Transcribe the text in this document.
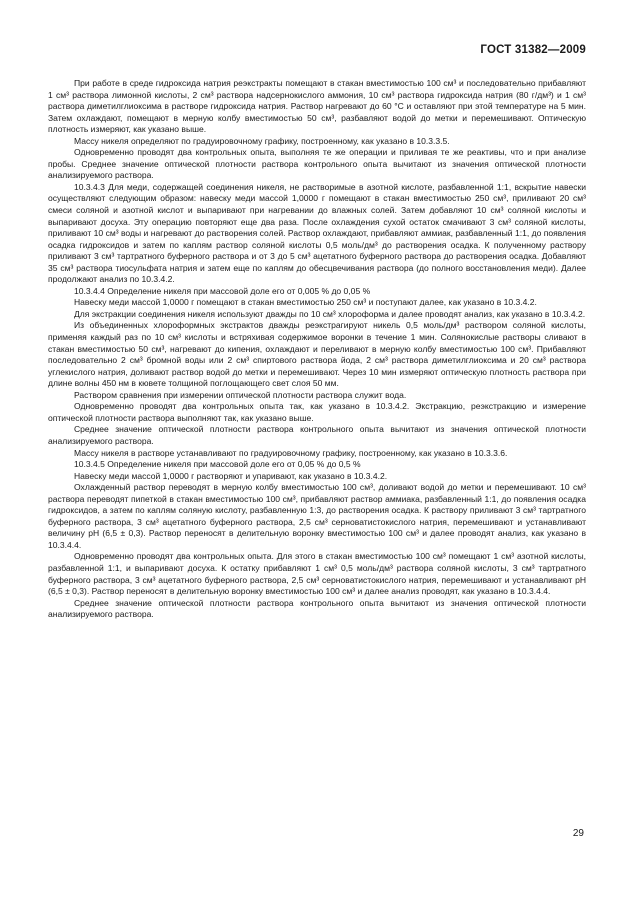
ГОСТ 31382—2009

При работе в среде гидроксида натрия реэкстракты помещают в стакан вместимостью 100 см³ и последовательно прибавляют 1 см³ раствора лимонной кислоты, 2 см³ раствора надсернокислого аммония, 10 см³ раствора гидроксида натрия (80 г/дм³) и 1 см³ раствора диметилглиоксима в растворе гидроксида натрия. Раствор нагревают до 60 °С и оставляют при этой температуре на 5 мин. Затем охлаждают, помещают в мерную колбу вместимостью 50 см³, разбавляют водой до метки и перемешивают. Оптическую плотность измеряют, как указано выше.

Массу никеля определяют по градуировочному графику, построенному, как указано в 10.3.3.5.

Одновременно проводят два контрольных опыта, выполняя те же операции и приливая те же реактивы, что и при анализе пробы. Среднее значение оптической плотности раствора контрольного опыта вычитают из значения оптической плотности анализируемого раствора.

10.3.4.3 Для меди, содержащей соединения никеля, не растворимые в азотной кислоте, разбавленной 1:1, вскрытие навески осуществляют следующим образом: навеску меди массой 1,0000 г помещают в стакан вместимостью 250 см³, приливают 20 см³ смеси соляной и азотной кислот и выпаривают при нагревании до влажных солей. Затем добавляют 10 см³ соляной кислоты и выпаривают досуха. Эту операцию повторяют еще два раза. После охлаждения сухой остаток смачивают 3 см³ соляной кислоты, приливают 10 см³ воды и нагревают до растворения солей. Раствор охлаждают, прибавляют аммиак, разбавленный 1:1, до появления осадка гидроксидов и затем по каплям раствор соляной кислоты 0,5 моль/дм³ до растворения осадка. К полученному раствору приливают 3 см³ тартратного буферного раствора и от 3 до 5 см³ ацетатного буферного раствора до растворения осадка. Добавляют 35 см³ раствора тиосульфата натрия и затем еще по каплям до обесцвечивания раствора (до полного восстановления меди). Далее продолжают анализ по 10.3.4.2.

10.3.4.4 Определение никеля при массовой доле его от 0,005 % до 0,05 %

Навеску меди массой 1,0000 г помещают в стакан вместимостью 250 см³ и поступают далее, как указано в 10.3.4.2.

Для экстракции соединения никеля используют дважды по 10 см³ хлороформа и далее проводят анализ, как указано в 10.3.4.2.

Из объединенных хлороформных экстрактов дважды реэкстрагируют никель 0,5 моль/дм³ раствором соляной кислоты, применяя каждый раз по 10 см³ кислоты и встряхивая содержимое воронки в течение 1 мин. Солянокислые растворы сливают в стакан вместимостью 50 см³, нагревают до кипения, охлаждают и переливают в мерную колбу вместимостью 100 см³. Прибавляют последовательно 2 см³ бромной воды или 2 см³ спиртового раствора йода, 2 см³ раствора диметилглиоксима и 20 см³ раствора углекислого натрия, доливают раствор водой до метки и перемешивают. Через 10 мин измеряют оптическую плотность раствора при длине волны 450 нм в кювете толщиной поглощающего свет слоя 50 мм.

Раствором сравнения при измерении оптической плотности раствора служит вода.

Одновременно проводят два контрольных опыта так, как указано в 10.3.4.2. Экстракцию, реэкстракцию и измерение оптической плотности раствора выполняют так, как указано выше.

Среднее значение оптической плотности раствора контрольного опыта вычитают из значения оптической плотности анализируемого раствора.

Массу никеля в растворе устанавливают по градуировочному графику, построенному, как указано в 10.3.3.6.

10.3.4.5 Определение никеля при массовой доле его от 0,05 % до 0,5 %

Навеску меди массой 1,0000 г растворяют и упаривают, как указано в 10.3.4.2.

Охлажденный раствор переводят в мерную колбу вместимостью 100 см³, доливают водой до метки и перемешивают. 10 см³ раствора переводят пипеткой в стакан вместимостью 100 см³, прибавляют раствор аммиака, разбавленный 1:1, до появления осадка гидроксидов, а затем по каплям соляную кислоту, разбавленную 1:3, до растворения осадка. К раствору приливают 3 см³ тартратного буферного раствора, 3 см³ ацетатного буферного раствора, 2,5 см³ серноватистокислого натрия, перемешивают и устанавливают величину рН (6,5 ± 0,3). Раствор переносят в делительную воронку вместимостью 100 см³ и далее проводят анализ, как указано в 10.3.4.4.

Одновременно проводят два контрольных опыта. Для этого в стакан вместимостью 100 см³ помещают 1 см³ азотной кислоты, разбавленной 1:1, и выпаривают досуха. К остатку прибавляют 1 см³ 0,5 моль/дм³ раствора соляной кислоты, 3 см³ тартратного буферного раствора, 3 см³ ацетатного буферного раствора, 2,5 см³ серноватистокислого натрия, перемешивают и устанавливают рН (6,5 ± 0,3). Раствор переносят в делительную воронку вместимостью 100 см³ и далее анализ проводят, как указано в 10.3.4.4.

Среднее значение оптической плотности раствора контрольного опыта вычитают из значения оптической плотности анализируемого раствора.

29
